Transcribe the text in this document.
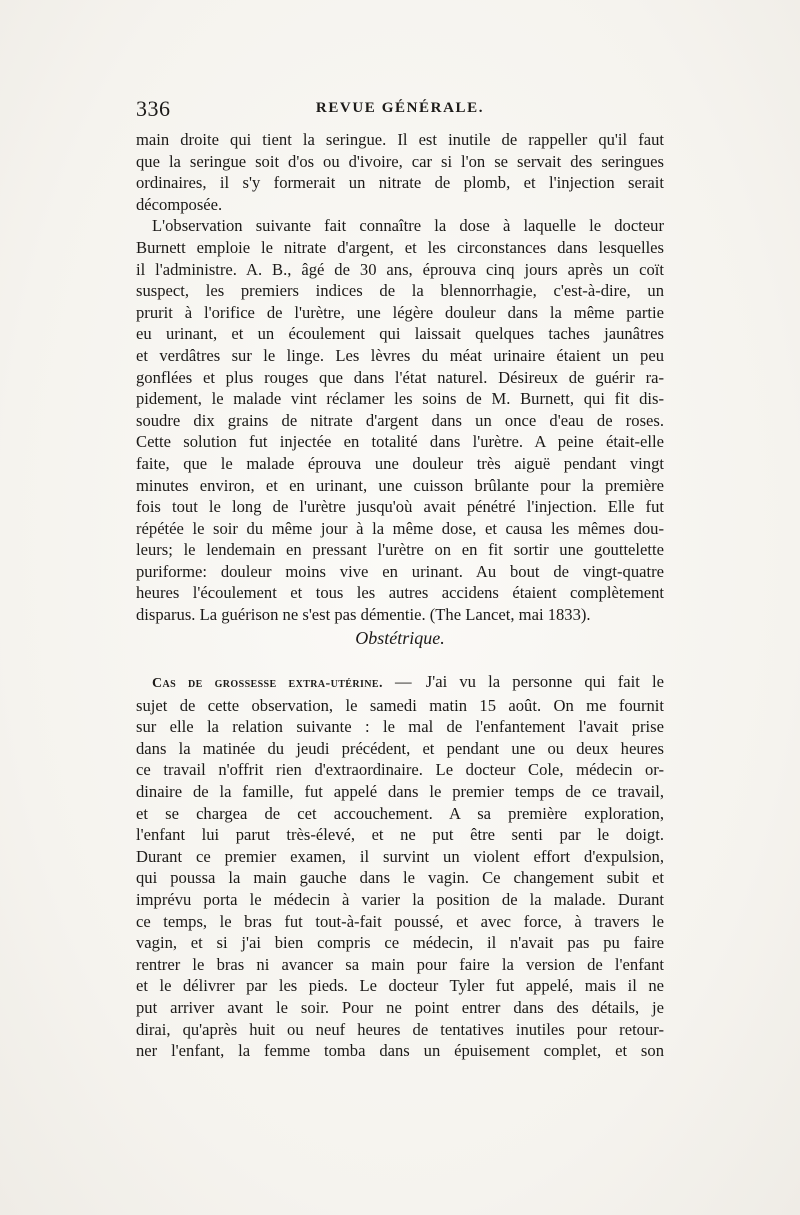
336	REVUE GÉNÉRALE.

main droite qui tient la seringue. Il est inutile de rappeller qu'il faut

que la seringue soit d'os ou d'ivoire, car si l'on se servait des seringues

ordinaires, il s'y formerait un nitrate de plomb, et l'injection serait

décomposée.

L'observation suivante fait connaître la dose à laquelle le docteur

Burnett emploie le nitrate d'argent, et les circonstances dans lesquelles

il l'administre. A. B., âgé de 30 ans, éprouva cinq jours après un coït

suspect, les premiers indices de la blennorrhagie, c'est-à-dire, un

prurit à l'orifice de l'urètre, une légère douleur dans la même partie

eu urinant, et un écoulement qui laissait quelques taches jaunâtres

et verdâtres sur le linge. Les lèvres du méat urinaire étaient un peu

gonflées et plus rouges que dans l'état naturel. Désireux de guérir ra-

pidement, le malade vint réclamer les soins de M. Burnett, qui fit dis-

soudre dix grains de nitrate d'argent dans un once d'eau de roses.

Cette solution fut injectée en totalité dans l'urètre. A peine était-elle

faite, que le malade éprouva une douleur très aiguë pendant vingt

minutes environ, et en urinant, une cuisson brûlante pour la première

fois tout le long de l'urètre jusqu'où avait pénétré l'injection. Elle fut

répétée le soir du même jour à la même dose, et causa les mêmes dou-

leurs; le lendemain en pressant l'urètre on en fit sortir une gouttelette

puriforme: douleur moins vive en urinant. Au bout de vingt-quatre

heures l'écoulement et tous les autres accidens étaient complètement

disparus. La guérison ne s'est pas démentie. (The Lancet, mai 1833).

Obstétrique.

Cas de grossesse extra-utérine. — J'ai vu la personne qui fait le

sujet de cette observation, le samedi matin 15 août. On me fournit

sur elle la relation suivante : le mal de l'enfantement l'avait prise

dans la matinée du jeudi précédent, et pendant une ou deux heures

ce travail n'offrit rien d'extraordinaire. Le docteur Cole, médecin or-

dinaire de la famille, fut appelé dans le premier temps de ce travail,

et se chargea de cet accouchement. A sa première exploration,

l'enfant lui parut très-élevé, et ne put être senti par le doigt.

Durant ce premier examen, il survint un violent effort d'expulsion,

qui poussa la main gauche dans le vagin. Ce changement subit et

imprévu porta le médecin à varier la position de la malade. Durant

ce temps, le bras fut tout-à-fait poussé, et avec force, à travers le

vagin, et si j'ai bien compris ce médecin, il n'avait pas pu faire

rentrer le bras ni avancer sa main pour faire la version de l'enfant

et le délivrer par les pieds. Le docteur Tyler fut appelé, mais il ne

put arriver avant le soir. Pour ne point entrer dans des détails, je

dirai, qu'après huit ou neuf heures de tentatives inutiles pour retour-

ner l'enfant, la femme tomba dans un épuisement complet, et son
